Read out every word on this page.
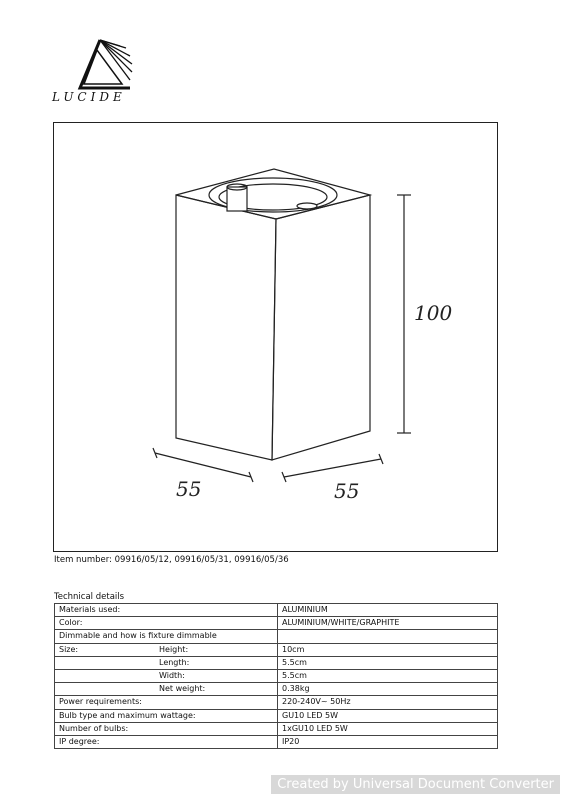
LUCIDE
100
55	55
Item number: 09916/05/12, 09916/05/31, 09916/05/36
Technical details
Materials used:	ALUMINIUM
Color:	ALUMINIUM/WHITE/GRAPHITE
Dimmable and how is fixture dimmable	
Size: Height:	10cm
Length:	5.5cm
Width:	5.5cm
Net weight:	0.38kg
Power requirements:	220-240V~ 50Hz
Bulb type and maximum wattage:	GU10 LED 5W
Number of bulbs:	1xGU10 LED 5W
IP degree:	IP20
Created by Universal Document Converter
